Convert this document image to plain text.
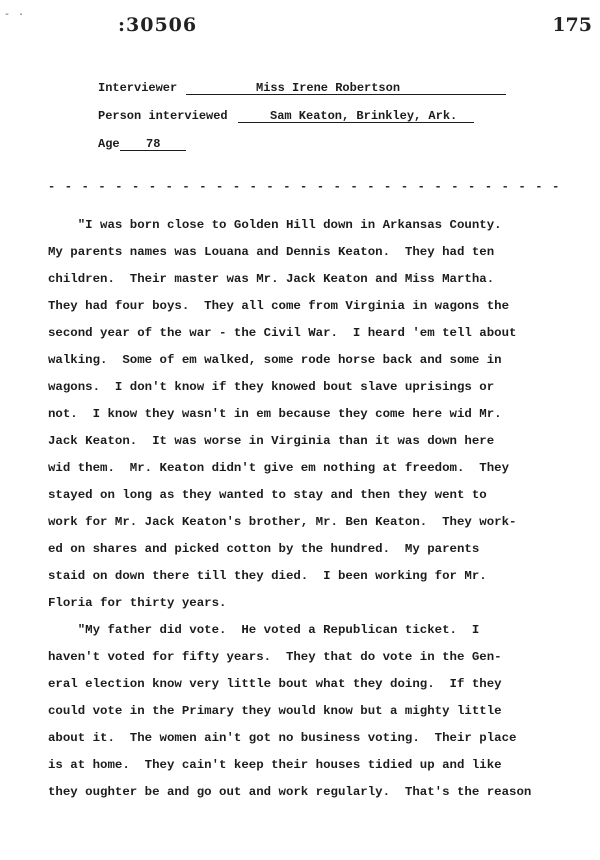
- ·	:30506	175
Interviewer	Miss Irene Robertson
Person interviewed	Sam Keaton, Brinkley, Ark.
Age 78
- - - - - - - - - - - - - - - - - - - - - - - - - - - - - - -
"I was born close to Golden Hill down in Arkansas County.
My parents names was Louana and Dennis Keaton.  They had ten
children.  Their master was Mr. Jack Keaton and Miss Martha.
They had four boys.  They all come from Virginia in wagons the
second year of the war - the Civil War.  I heard 'em tell about
walking.  Some of em walked, some rode horse back and some in
wagons.  I don't know if they knowed bout slave uprisings or
not.  I know they wasn't in em because they come here wid Mr.
Jack Keaton.  It was worse in Virginia than it was down here
wid them.  Mr. Keaton didn't give em nothing at freedom.  They
stayed on long as they wanted to stay and then they went to
work for Mr. Jack Keaton's brother, Mr. Ben Keaton.  They work-
ed on shares and picked cotton by the hundred.  My parents
staid on down there till they died.  I been working for Mr.
Floria for thirty years.
"My father did vote.  He voted a Republican ticket.  I
haven't voted for fifty years.  They that do vote in the Gen-
eral election know very little bout what they doing.  If they
could vote in the Primary they would know but a mighty little
about it.  The women ain't got no business voting.  Their place
is at home.  They cain't keep their houses tidied up and like
they oughter be and go out and work regularly.  That's the reason
